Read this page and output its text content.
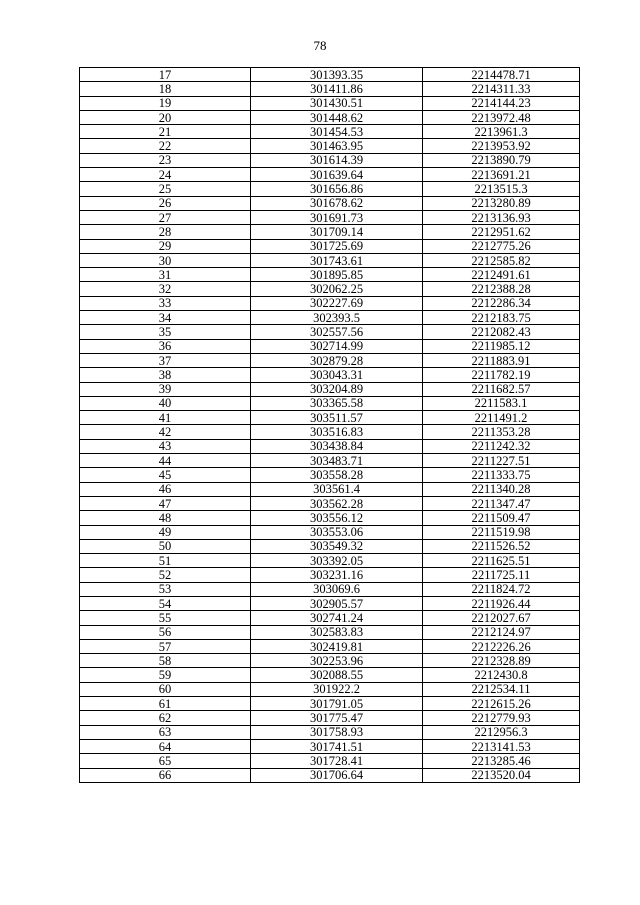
78
17	301393.35	2214478.71
18	301411.86	2214311.33
19	301430.51	2214144.23
20	301448.62	2213972.48
21	301454.53	2213961.3
22	301463.95	2213953.92
23	301614.39	2213890.79
24	301639.64	2213691.21
25	301656.86	2213515.3
26	301678.62	2213280.89
27	301691.73	2213136.93
28	301709.14	2212951.62
29	301725.69	2212775.26
30	301743.61	2212585.82
31	301895.85	2212491.61
32	302062.25	2212388.28
33	302227.69	2212286.34
34	302393.5	2212183.75
35	302557.56	2212082.43
36	302714.99	2211985.12
37	302879.28	2211883.91
38	303043.31	2211782.19
39	303204.89	2211682.57
40	303365.58	2211583.1
41	303511.57	2211491.2
42	303516.83	2211353.28
43	303438.84	2211242.32
44	303483.71	2211227.51
45	303558.28	2211333.75
46	303561.4	2211340.28
47	303562.28	2211347.47
48	303556.12	2211509.47
49	303553.06	2211519.98
50	303549.32	2211526.52
51	303392.05	2211625.51
52	303231.16	2211725.11
53	303069.6	2211824.72
54	302905.57	2211926.44
55	302741.24	2212027.67
56	302583.83	2212124.97
57	302419.81	2212226.26
58	302253.96	2212328.89
59	302088.55	2212430.8
60	301922.2	2212534.11
61	301791.05	2212615.26
62	301775.47	2212779.93
63	301758.93	2212956.3
64	301741.51	2213141.53
65	301728.41	2213285.46
66	301706.64	2213520.04
